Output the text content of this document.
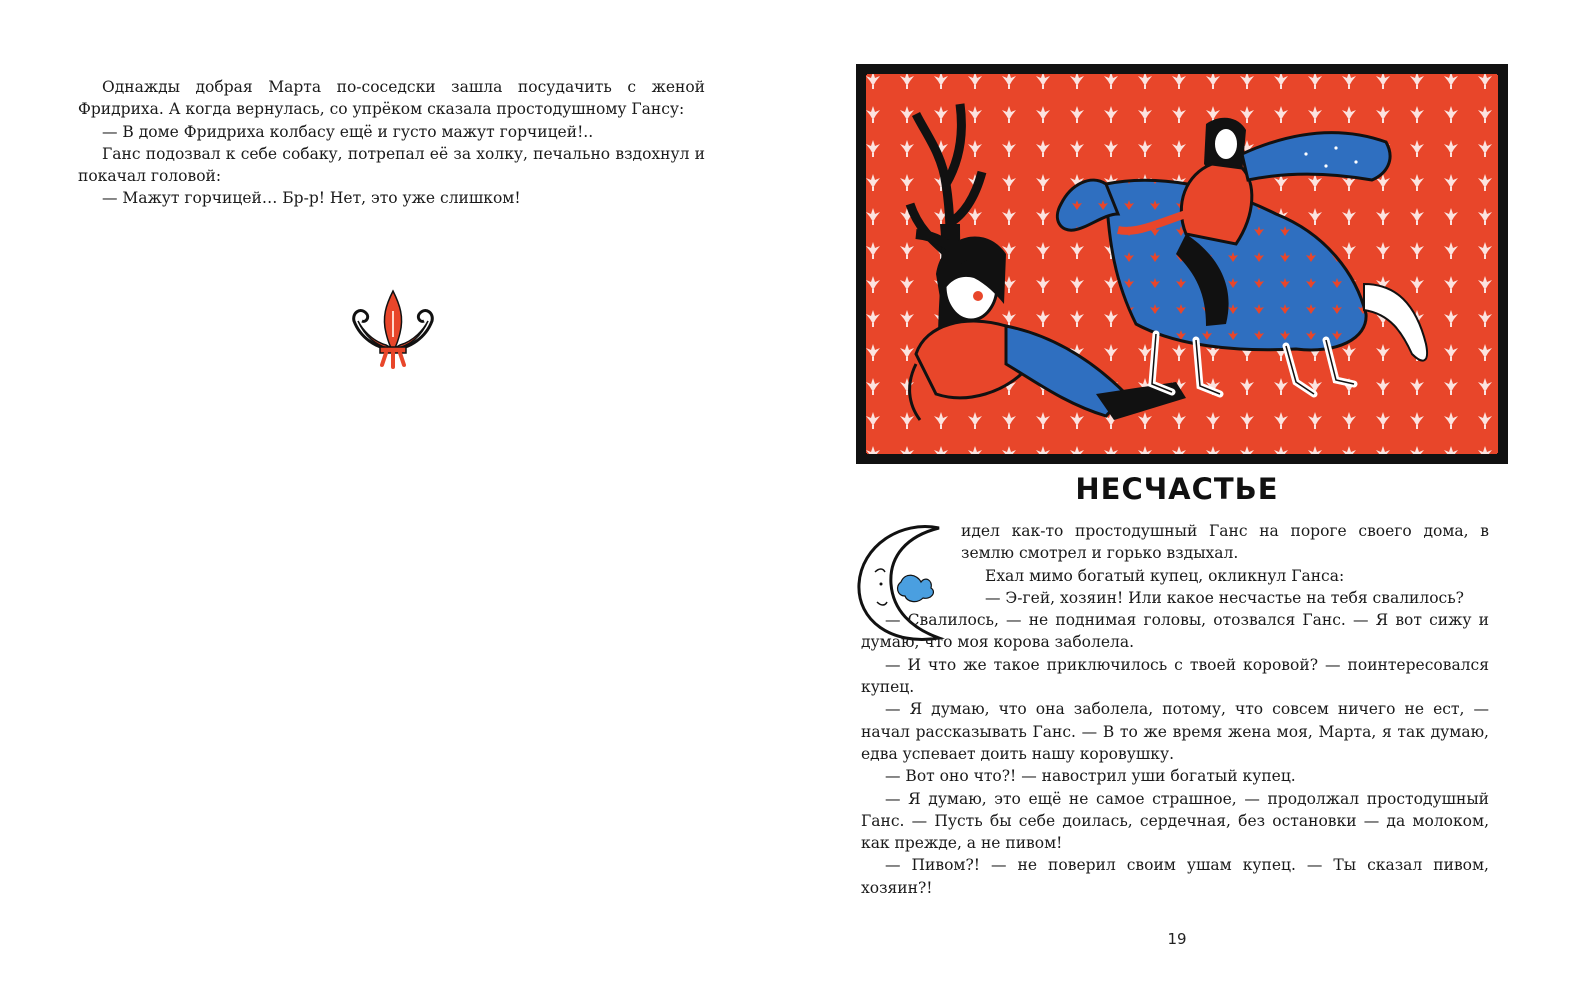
Однажды добрая Марта по-соседски зашла посудачить с женой Фридриха. А когда вернулась, со упрёком сказала простодушному Гансу:

— В доме Фридриха колбасу ещё и густо мажут горчицей!..

Ганс подозвал к себе собаку, потрепал её за холку, печально вздохнул и покачал головой:

— Мажут горчицей… Бр-р! Нет, это уже слишком!

НЕСЧАСТЬЕ

идел как-то простодушный Ганс на пороге своего дома, в землю смотрел и горько вздыхал.

Ехал мимо богатый купец, окликнул Ганса:

— Э-гей, хозяин! Или какое несчастье на тебя свалилось?

— Свалилось, — не поднимая головы, отозвался Ганс. — Я вот сижу и думаю, что моя корова заболела.

— И что же такое приключилось с твоей коровой? — поинтересовался купец.

— Я думаю, что она заболела, потому, что совсем ничего не ест, — начал рассказывать Ганс. — В то же время жена моя, Марта, я так думаю, едва успевает доить нашу коровушку.

— Вот оно что?! — навострил уши богатый купец.

— Я думаю, это ещё не самое страшное, — продолжал простодушный Ганс. — Пусть бы себе доилась, сердечная, без остановки — да молоком, как прежде, а не пивом!

— Пивом?! — не поверил своим ушам купец. — Ты сказал пивом, хозяин?!

19
